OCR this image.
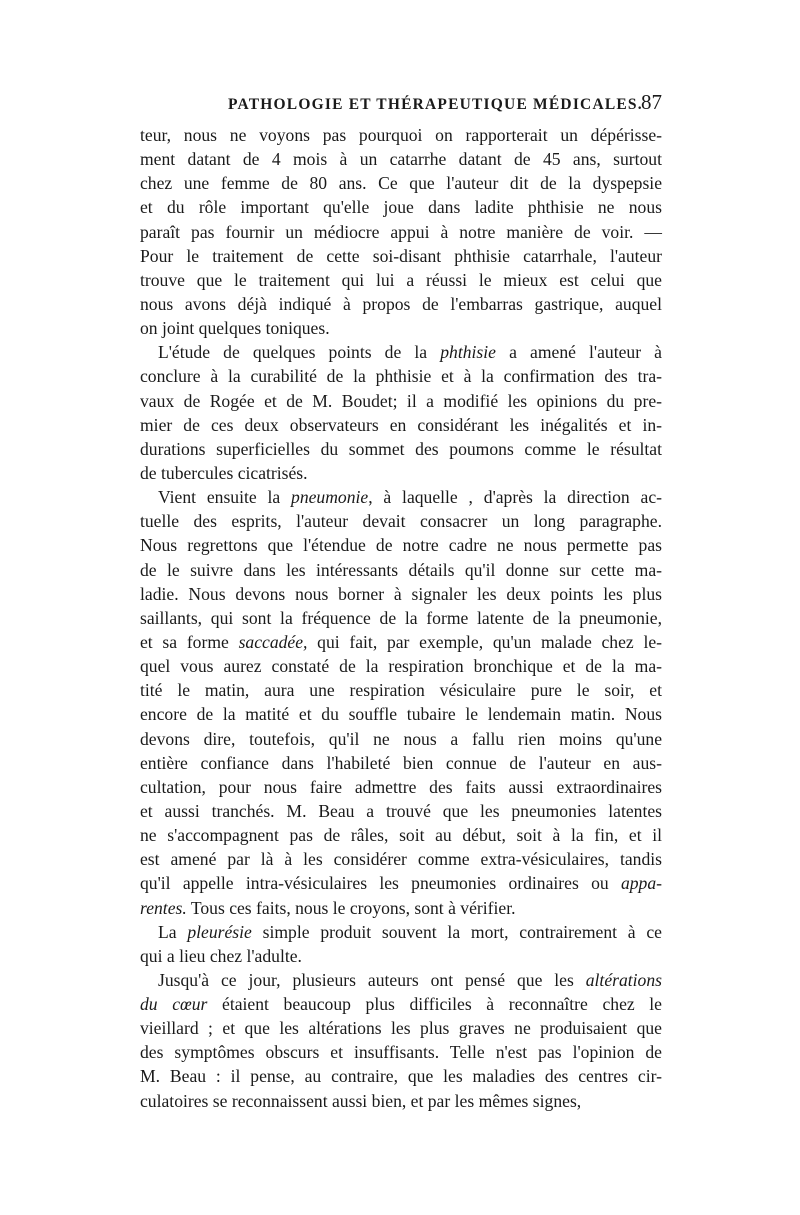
PATHOLOGIE ET THÉRAPEUTIQUE MÉDICALES.
87
teur, nous ne voyons pas pourquoi on rapporterait un dépérisse-
ment datant de 4 mois à un catarrhe datant de 45 ans, surtout
chez une femme de 80 ans. Ce que l'auteur dit de la dyspepsie
et du rôle important qu'elle joue dans ladite phthisie ne nous
paraît pas fournir un médiocre appui à notre manière de voir. —
Pour le traitement de cette soi-disant phthisie catarrhale, l'auteur
trouve que le traitement qui lui a réussi le mieux est celui que
nous avons déjà indiqué à propos de l'embarras gastrique, auquel
on joint quelques toniques.
L'étude de quelques points de la phthisie a amené l'auteur à
conclure à la curabilité de la phthisie et à la confirmation des tra-
vaux de Rogée et de M. Boudet; il a modifié les opinions du pre-
mier de ces deux observateurs en considérant les inégalités et in-
durations superficielles du sommet des poumons comme le résultat
de tubercules cicatrisés.
Vient ensuite la pneumonie, à laquelle , d'après la direction ac-
tuelle des esprits, l'auteur devait consacrer un long paragraphe.
Nous regrettons que l'étendue de notre cadre ne nous permette pas
de le suivre dans les intéressants détails qu'il donne sur cette ma-
ladie. Nous devons nous borner à signaler les deux points les plus
saillants, qui sont la fréquence de la forme latente de la pneumonie,
et sa forme saccadée, qui fait, par exemple, qu'un malade chez le-
quel vous aurez constaté de la respiration bronchique et de la ma-
tité le matin, aura une respiration vésiculaire pure le soir, et
encore de la matité et du souffle tubaire le lendemain matin. Nous
devons dire, toutefois, qu'il ne nous a fallu rien moins qu'une
entière confiance dans l'habileté bien connue de l'auteur en aus-
cultation, pour nous faire admettre des faits aussi extraordinaires
et aussi tranchés. M. Beau a trouvé que les pneumonies latentes
ne s'accompagnent pas de râles, soit au début, soit à la fin, et il
est amené par là à les considérer comme extra-vésiculaires, tandis
qu'il appelle intra-vésiculaires les pneumonies ordinaires ou appa-
rentes. Tous ces faits, nous le croyons, sont à vérifier.
La pleurésie simple produit souvent la mort, contrairement à ce
qui a lieu chez l'adulte.
Jusqu'à ce jour, plusieurs auteurs ont pensé que les altérations
du cœur étaient beaucoup plus difficiles à reconnaître chez le
vieillard ; et que les altérations les plus graves ne produisaient que
des symptômes obscurs et insuffisants. Telle n'est pas l'opinion de
M. Beau : il pense, au contraire, que les maladies des centres cir-
culatoires se reconnaissent aussi bien, et par les mêmes signes,
